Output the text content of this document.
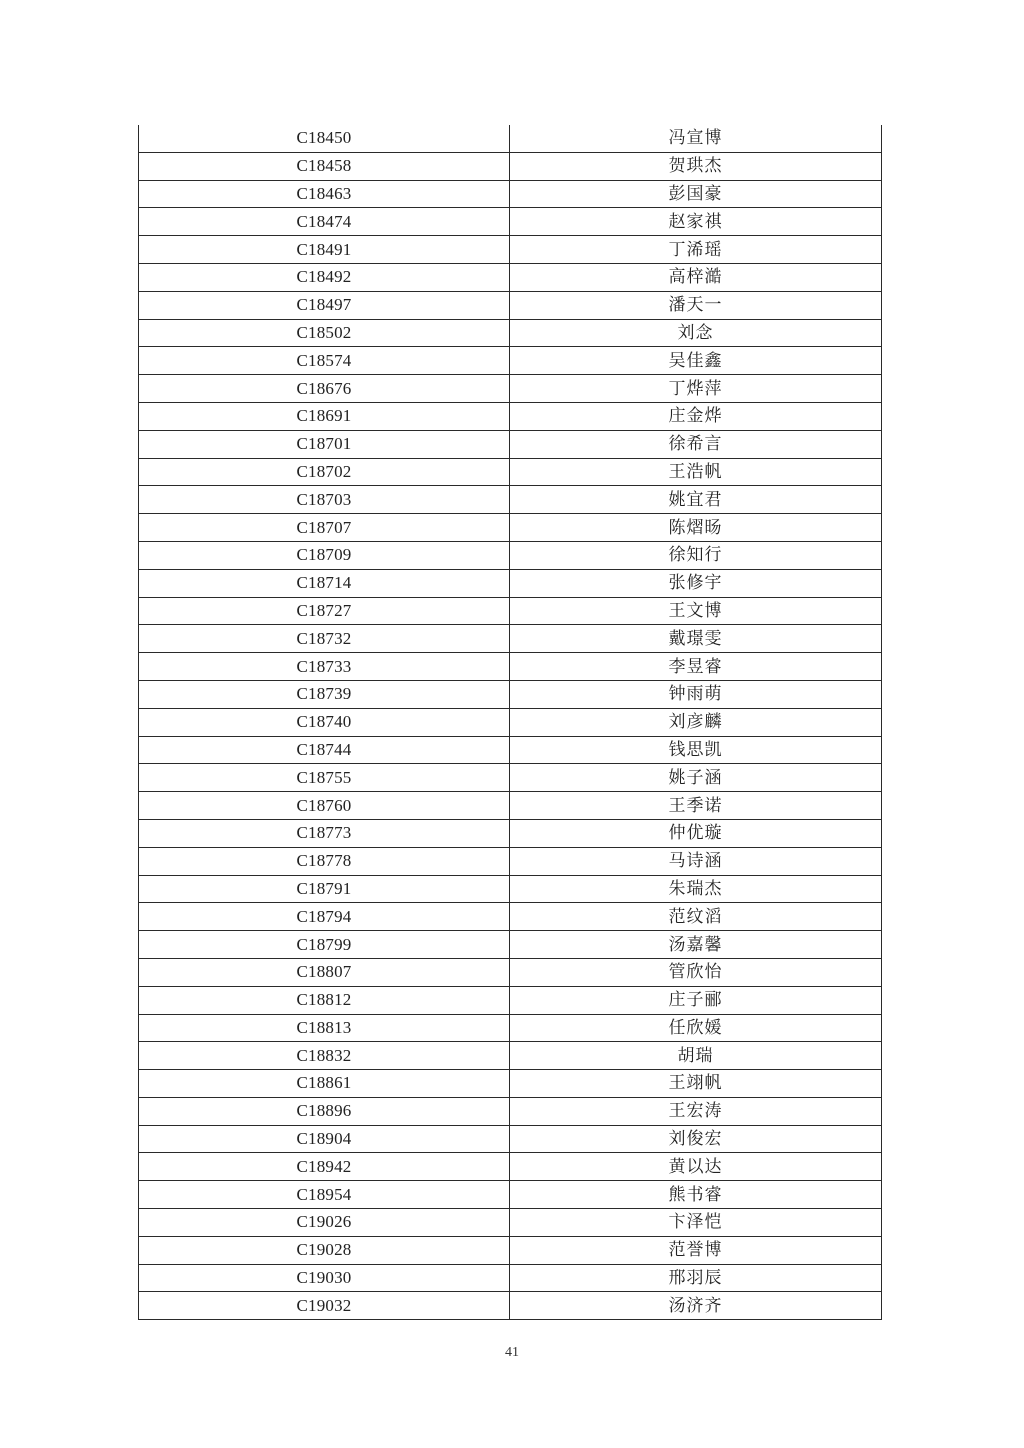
C18450	冯宣博
C18458	贺珙杰
C18463	彭国豪
C18474	赵家祺
C18491	丁浠瑶
C18492	高梓澔
C18497	潘天一
C18502	刘念
C18574	吴佳鑫
C18676	丁烨萍
C18691	庄金烨
C18701	徐希言
C18702	王浩帆
C18703	姚宜君
C18707	陈熠旸
C18709	徐知行
C18714	张修宇
C18727	王文博
C18732	戴璟雯
C18733	李昱睿
C18739	钟雨萌
C18740	刘彦麟
C18744	钱思凯
C18755	姚子涵
C18760	王季诺
C18773	仲优璇
C18778	马诗涵
C18791	朱瑞杰
C18794	范纹滔
C18799	汤嘉馨
C18807	管欣怡
C18812	庄子郦
C18813	任欣媛
C18832	胡瑞
C18861	王翊帆
C18896	王宏涛
C18904	刘俊宏
C18942	黄以达
C18954	熊书睿
C19026	卞泽恺
C19028	范誉博
C19030	邢羽辰
C19032	汤济齐
41
